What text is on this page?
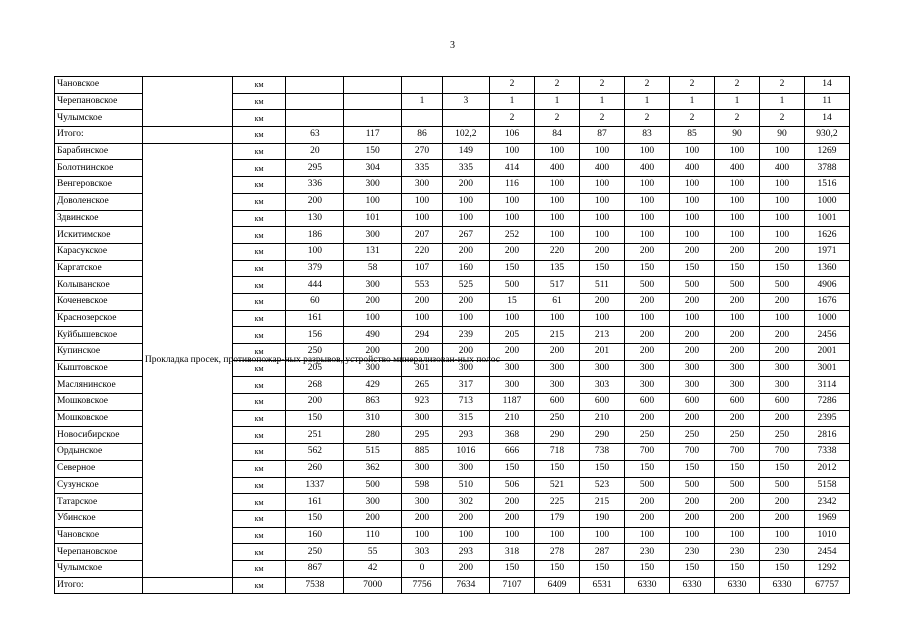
3
Чановское		км					2	2	2	2	2	2	2	14
Черепановское		км			1	3	1	1	1	1	1	1	1	11
Чулымское		км					2	2	2	2	2	2	2	14
Итого:		км	63	117	86	102,2	106	84	87	83	85	90	90	930,2
Барабинское	Прокладка просек, противопожар-ных разрывов, устройство минерализован-ных полос	км	20	150	270	149	100	100	100	100	100	100	100	1269
Болотнинское		км	295	304	335	335	414	400	400	400	400	400	400	3788
Венгеровское		км	336	300	300	200	116	100	100	100	100	100	100	1516
Доволенское		км	200	100	100	100	100	100	100	100	100	100	100	1000
Здвинское		км	130	101	100	100	100	100	100	100	100	100	100	1001
Искитимское		км	186	300	207	267	252	100	100	100	100	100	100	1626
Карасукское		км	100	131	220	200	200	220	200	200	200	200	200	1971
Каргатское		км	379	58	107	160	150	135	150	150	150	150	150	1360
Колыванское		км	444	300	553	525	500	517	511	500	500	500	500	4906
Коченевское		км	60	200	200	200	15	61	200	200	200	200	200	1676
Краснозерское		км	161	100	100	100	100	100	100	100	100	100	100	1000
Куйбышевское		км	156	490	294	239	205	215	213	200	200	200	200	2456
Купинское		км	250	200	200	200	200	200	201	200	200	200	200	2001
Кыштовское		км	205	300	301	300	300	300	300	300	300	300	300	3001
Маслянинское		км	268	429	265	317	300	300	303	300	300	300	300	3114
Мошковское		км	200	863	923	713	1187	600	600	600	600	600	600	7286
Мошковское		км	150	310	300	315	210	250	210	200	200	200	200	2395
Новосибирское		км	251	280	295	293	368	290	290	250	250	250	250	2816
Ордынское		км	562	515	885	1016	666	718	738	700	700	700	700	7338
Северное		км	260	362	300	300	150	150	150	150	150	150	150	2012
Сузунское		км	1337	500	598	510	506	521	523	500	500	500	500	5158
Татарское		км	161	300	300	302	200	225	215	200	200	200	200	2342
Убинское		км	150	200	200	200	200	179	190	200	200	200	200	1969
Чановское		км	160	110	100	100	100	100	100	100	100	100	100	1010
Черепановское		км	250	55	303	293	318	278	287	230	230	230	230	2454
Чулымское		км	867	42	0	200	150	150	150	150	150	150	150	1292
Итого:		км	7538	7000	7756	7634	7107	6409	6531	6330	6330	6330	6330	67757
